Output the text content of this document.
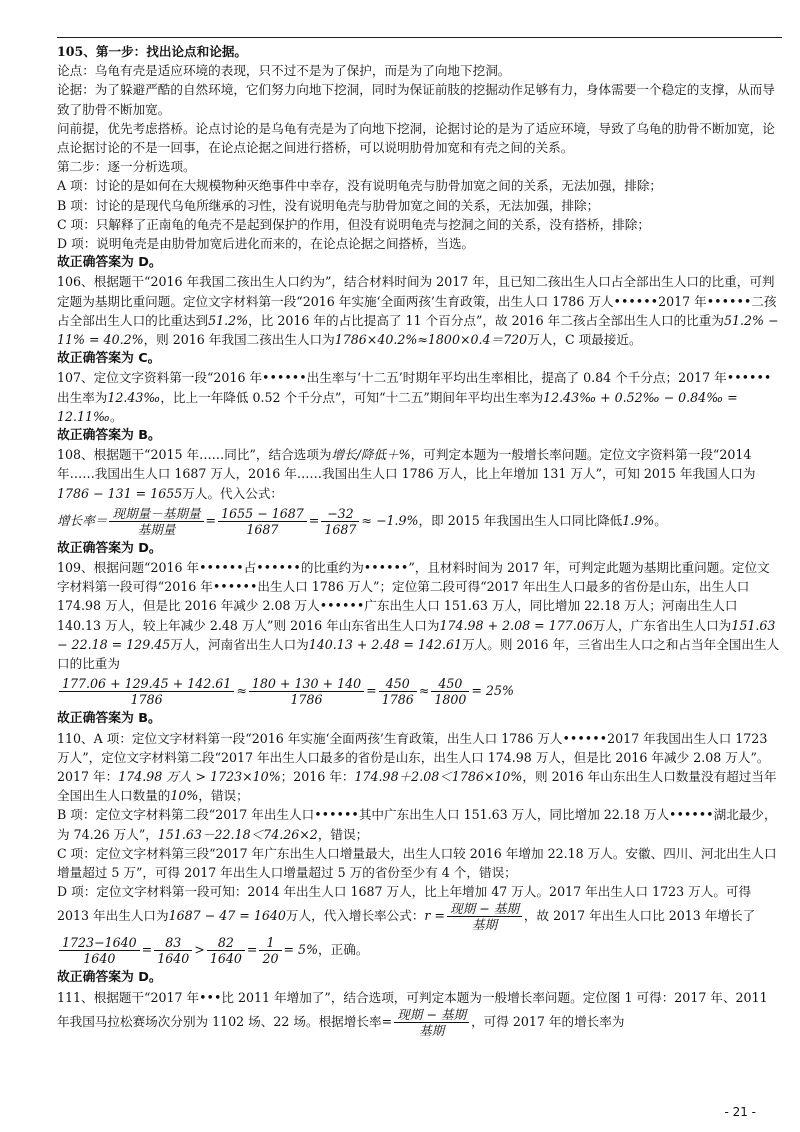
105、第一步：找出论点和论据。

论点：乌龟有壳是适应环境的表现，只不过不是为了保护，而是为了向地下挖洞。

论据：为了躲避严酷的自然环境，它们努力向地下挖洞，同时为保证前肢的挖掘动作足够有力，身体需要一个稳定的支撑，从而导致了肋骨不断加宽。

问前提，优先考虑搭桥。论点讨论的是乌龟有壳是为了向地下挖洞，论据讨论的是为了适应环境，导致了乌龟的肋骨不断加宽，论点论据讨论的不是一回事，在论点论据之间进行搭桥，可以说明肋骨加宽和有壳之间的关系。

第二步：逐一分析选项。

A 项：讨论的是如何在大规模物种灭绝事件中幸存，没有说明龟壳与肋骨加宽之间的关系，无法加强，排除；

B 项：讨论的是现代乌龟所继承的习性，没有说明龟壳与肋骨加宽之间的关系，无法加强，排除；

C 项：只解释了正南龟的龟壳不是起到保护的作用，但没有说明龟壳与挖洞之间的关系，没有搭桥，排除；

D 项：说明龟壳是由肋骨加宽后进化而来的，在论点论据之间搭桥，当选。

故正确答案为 D。

106、根据题干“2016 年我国二孩出生人口约为”，结合材料时间为 2017 年，且已知二孩出生人口占全部出生人口的比重，可判定题为基期比重问题。定位文字材料第一段“2016 年实施‘全面两孩’生育政策，出生人口 1786 万人••••••2017 年••••••二孩占全部出生人口的比重达到51.2%，比 2016 年的占比提高了 11 个百分点”，故 2016 年二孩占全部出生人口的比重为51.2% − 11% = 40.2%，则 2016 年我国二孩出生人口为1786×40.2%≈1800×0.4＝720万人，C 项最接近。

故正确答案为 C。

107、定位文字资料第一段“2016 年••••••出生率与‘十二五’时期年平均出生率相比，提高了 0.84 个千分点；2017 年••••••出生率为12.43‰，比上一年降低 0.52 个千分点”，可知“十二五”期间年平均出生率为12.43‰ + 0.52‰ − 0.84‰ = 12.11‰。

故正确答案为 B。

108、根据题干“2015 年……同比”，结合选项为增长/降低＋%，可判定本题为一般增长率问题。定位文字资料第一段“2014 年……我国出生人口 1687 万人，2016 年……我国出生人口 1786 万人，比上年增加 131 万人”，可知 2015 年我国人口为1786 − 131 = 1655万人。代入公式：

增长率＝ $\frac{\text{现期量－基期量}}{\text{基期量}} = \frac{1655 - 1687}{1687} = \frac{-32}{1687} \approx -1.9\%$，即 2015 年我国出生人口同比降低1.9%。

故正确答案为 D。

109、根据问题“2016 年••••••占••••••的比重约为••••••”，且材料时间为 2017 年，可判定此题为基期比重问题。定位文字材料第一段可得“2016 年••••••出生人口 1786 万人”；定位第二段可得“2017 年出生人口最多的省份是山东，出生人口 174.98 万人，但是比 2016 年减少 2.08 万人••••••广东出生人口 151.63 万人，同比增加 22.18 万人；河南出生人口 140.13 万人，较上年减少 2.48 万人”则 2016 年山东省出生人口为174.98 + 2.08 = 177.06万人，广东省出生人口为151.63 − 22.18 = 129.45万人，河南省出生人口为140.13 + 2.48 = 142.61万人。则 2016 年，三省出生人口之和占当年全国出生人口的比重为

$\frac{177.06 + 129.45 + 142.61}{1786} \approx \frac{180 + 130 + 140}{1786} = \frac{450}{1786} \approx \frac{450}{1800} = 25\%$

故正确答案为 B。

110、A 项：定位文字材料第一段“2016 年实施‘全面两孩’生育政策，出生人口 1786 万人••••••2017 年我国出生人口 1723 万人”，定位文字材料第二段“2017 年出生人口最多的省份是山东，出生人口 174.98 万人，但是比 2016 年减少 2.08 万人”。 2017 年：174.98 万人 > 1723×10%；2016 年：174.98＋2.08＜1786×10%，则 2016 年山东出生人口数量没有超过当年全国出生人口数量的10%，错误；

B 项：定位文字材料第二段“2017 年出生人口••••••其中广东出生人口 151.63 万人，同比增加 22.18 万人••••••湖北最少，为 74.26 万人”，151.63－22.18＜74.26×2，错误；

C 项：定位文字材料第三段“2017 年广东出生人口增量最大，出生人口较 2016 年增加 22.18 万人。安徽、四川、河北出生人口增量超过 5 万”，可得 2017 年出生人口增量超过 5 万的省份至少有 4 个，错误；

D 项：定位文字材料第一段可知：2014 年出生人口 1687 万人，比上年增加 47 万人。2017 年出生人口 1723 万人。可得 2013 年出生人口为1687 − 47 = 1640万人，代入增长率公式：$r = \frac{\text{现期 − 基期}}{\text{基期}}$ ，故 2017 年出生人口比 2013 年增长了

$\frac{1723-1640}{1640} = \frac{83}{1640} > \frac{82}{1640} = \frac{1}{20} = 5\%$，正确。

故正确答案为 D。

111、根据题干“2017 年•••比 2011 年增加了”，结合选项，可判定本题为一般增长率问题。定位图 1 可得：2017 年、2011 年我国马拉松赛场次分别为 1102 场、22 场。根据增长率= $\frac{\text{现期 − 基期}}{\text{基期}}$ ，可得 2017 年的增长率为

- 21 -
